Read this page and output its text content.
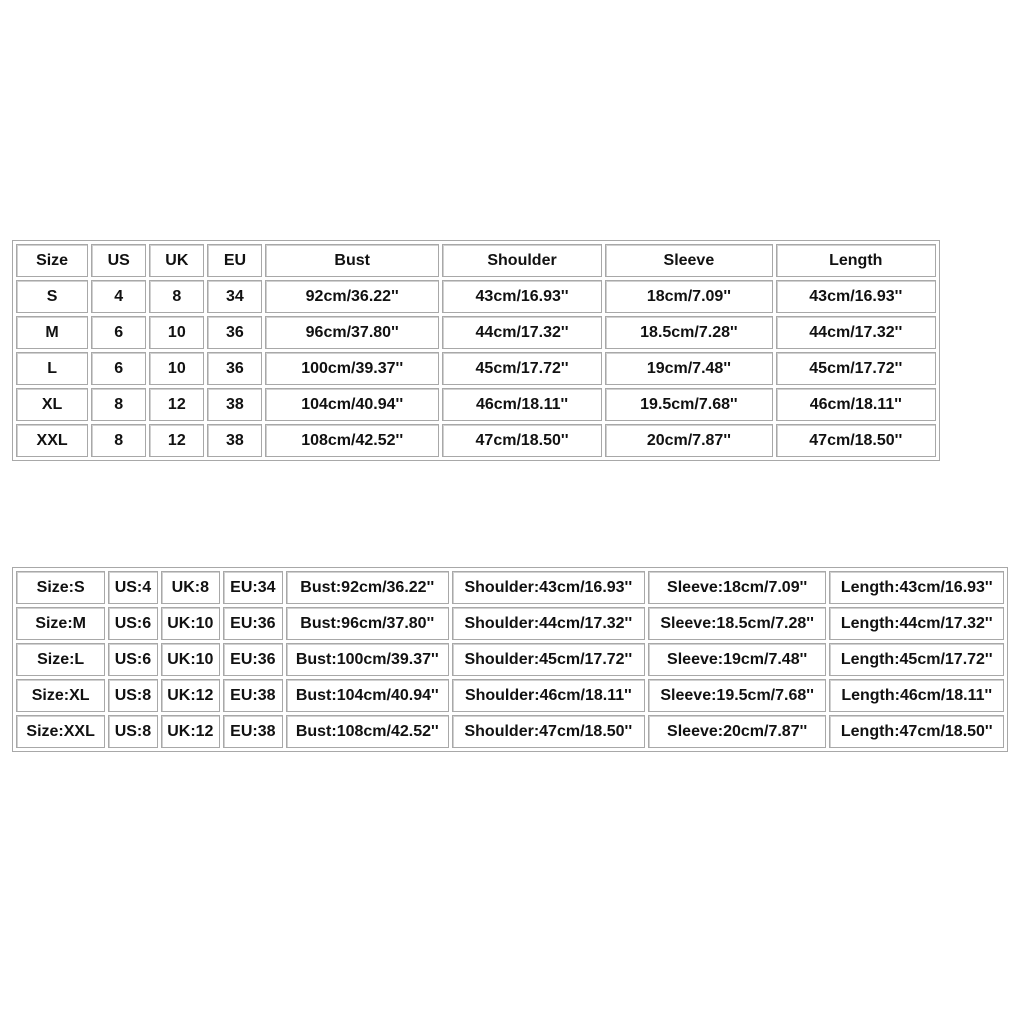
Size	US	UK	EU	Bust	Shoulder	Sleeve	Length
S	4	8	34	92cm/36.22''	43cm/16.93''	18cm/7.09''	43cm/16.93''
M	6	10	36	96cm/37.80''	44cm/17.32''	18.5cm/7.28''	44cm/17.32''
L	6	10	36	100cm/39.37''	45cm/17.72''	19cm/7.48''	45cm/17.72''
XL	8	12	38	104cm/40.94''	46cm/18.11''	19.5cm/7.68''	46cm/18.11''
XXL	8	12	38	108cm/42.52''	47cm/18.50''	20cm/7.87''	47cm/18.50''
Size:S	US:4	UK:8	EU:34	Bust:92cm/36.22''	Shoulder:43cm/16.93''	Sleeve:18cm/7.09''	Length:43cm/16.93''
Size:M	US:6	UK:10	EU:36	Bust:96cm/37.80''	Shoulder:44cm/17.32''	Sleeve:18.5cm/7.28''	Length:44cm/17.32''
Size:L	US:6	UK:10	EU:36	Bust:100cm/39.37''	Shoulder:45cm/17.72''	Sleeve:19cm/7.48''	Length:45cm/17.72''
Size:XL	US:8	UK:12	EU:38	Bust:104cm/40.94''	Shoulder:46cm/18.11''	Sleeve:19.5cm/7.68''	Length:46cm/18.11''
Size:XXL	US:8	UK:12	EU:38	Bust:108cm/42.52''	Shoulder:47cm/18.50''	Sleeve:20cm/7.87''	Length:47cm/18.50''
